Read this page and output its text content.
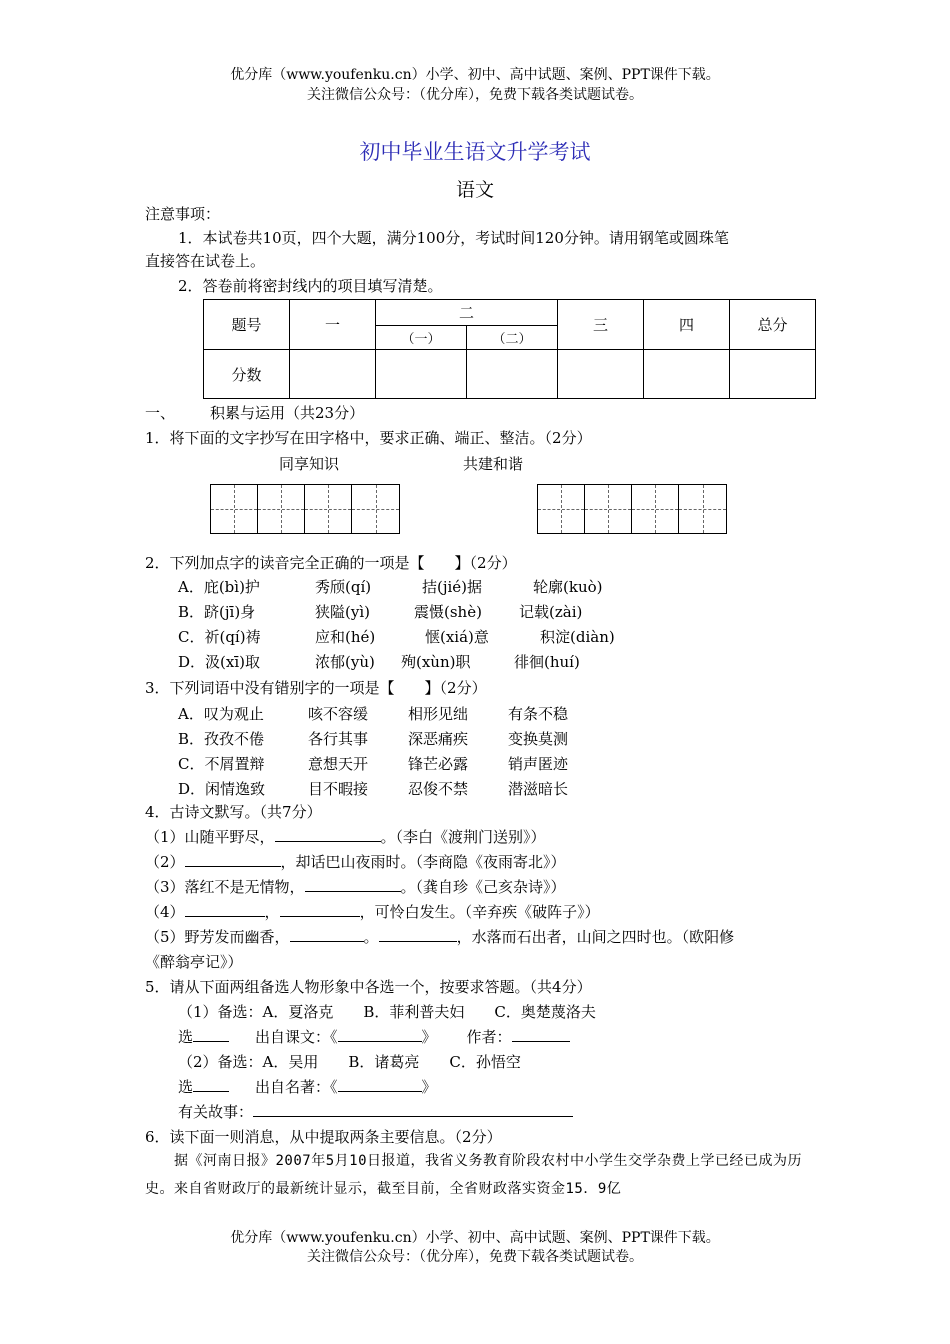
优分库（www.youfenku.cn）小学、初中、高中试题、案例、PPT课件下载。
关注微信公众号：（优分库），免费下载各类试题试卷。
初中毕业生语文升学考试
语文
注意事项：
1．本试卷共10页，四个大题，满分100分，考试时间120分钟。请用钢笔或圆珠笔
直接答在试卷上。
2．答卷前将密封线内的项目填写清楚。
题号	一	二		三	四	总分
		（一）	（二）			
分数						
一、 积累与运用（共23分）
1．将下面的文字抄写在田字格中，要求正确、端正、整洁。（2分）
同享知识	共建和谐
2．下列加点字的读音完全正确的一项是【　　】（2分）
A．庇(bì)护	秀颀(qí)	拮(jié)据	轮廓(kuò)
B．跻(jī)身	狭隘(yì)	震慑(shè) 记载(zài)
C．祈(qí)祷	应和(hé)	惬(xiá)意	积淀(diàn)
D．汲(xī)取	浓郁(yù) 殉(xùn)职	徘徊(huí)
3．下列词语中没有错别字的一项是【　　】（2分）
A．叹为观止	咳不容缓	相形见绌	有条不稳
B．孜孜不倦	各行其事	深恶痛疾	变换莫测
C．不屑置辩	意想天开	锋芒必露	销声匿迹
D．闲情逸致	目不暇接	忍俊不禁	潜滋暗长
4．古诗文默写。（共7分）
（1）山随平野尽，	。（李白《渡荆门送别》）
（2）	，却话巴山夜雨时。（李商隐《夜雨寄北》）
（3）落红不是无情物，	。（龚自珍《己亥杂诗》）
（4）	，	，可怜白发生。（辛弃疾《破阵子》）
（5）野芳发而幽香，	。	，水落而石出者，山间之四时也。（欧阳修
《醉翁亭记》）
5．请从下面两组备选人物形象中各选一个，按要求答题。（共4分）
（1）备选：A．夏洛克　　B．菲利普夫妇　　C．奥楚蔑洛夫
选	出自课文：《	》 作者：
（2）备选：A．吴用　　B．诸葛亮　　C．孙悟空
选	出自名著：《	》
有关故事：
6．读下面一则消息，从中提取两条主要信息。（2分）
　　据《河南日报》2007年5月10日报道，我省义务教育阶段农村中小学生交学杂费上学已经已成为历史。来自省财政厅的最新统计显示，截至目前，全省财政落实资金15．9亿
优分库（www.youfenku.cn）小学、初中、高中试题、案例、PPT课件下载。
关注微信公众号：（优分库），免费下载各类试题试卷。
